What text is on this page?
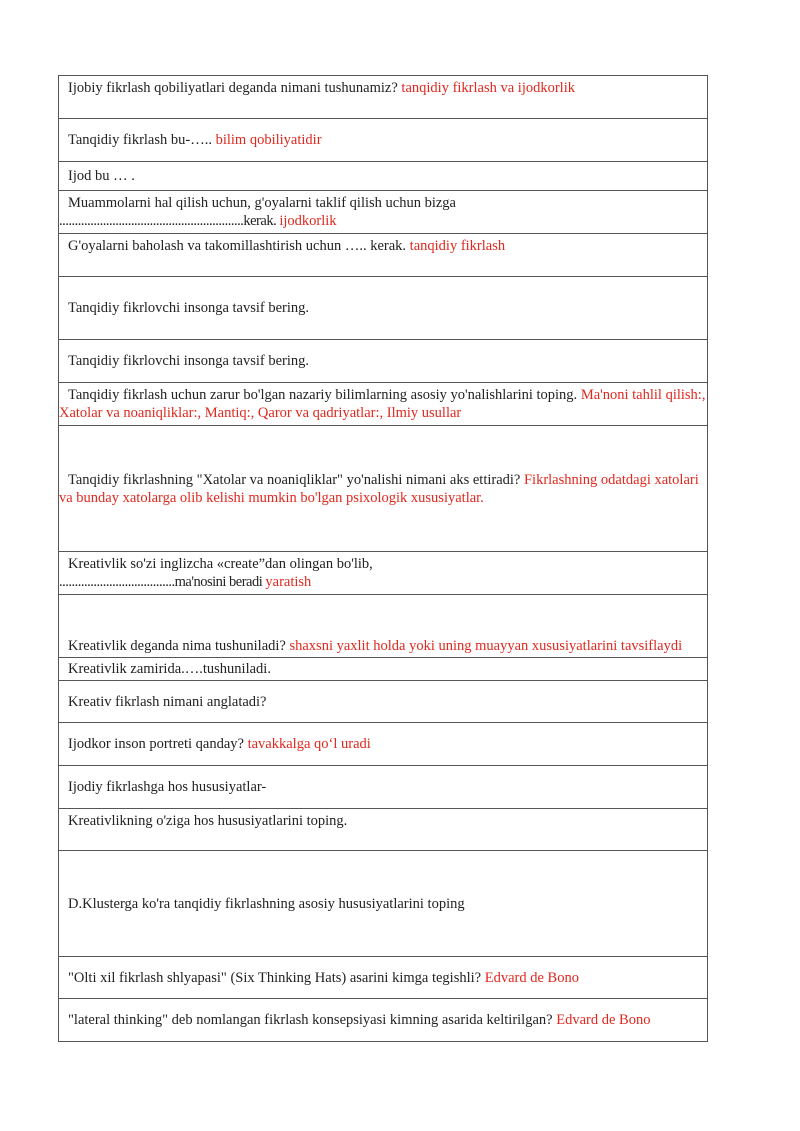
Ijobiy fikrlash qobiliyatlari deganda nimani tushunamiz? tanqidiy fikrlash va ijodkorlik

Tanqidiy fikrlash bu-….. bilim qobiliyatidir

Ijod bu … .

Muammolarni hal qilish uchun, g'oyalarni taklif qilish uchun bizga
...........................................................kerak. ijodkorlik

G'oyalarni baholash va takomillashtirish uchun ….. kerak. tanqidiy fikrlash

Tanqidiy fikrlovchi insonga tavsif bering.

Tanqidiy fikrlovchi insonga tavsif bering.

Tanqidiy fikrlash uchun zarur bo'lgan nazariy bilimlarning asosiy yo'nalishlarini toping. Ma'noni tahlil qilish:, Xatolar va noaniqliklar:, Mantiq:, Qaror va qadriyatlar:, Ilmiy usullar

Tanqidiy fikrlashning "Xatolar va noaniqliklar" yo'nalishi nimani aks ettiradi? Fikrlashning odatdagi xatolari va bunday xatolarga olib kelishi mumkin bo'lgan psixologik xususiyatlar.

Kreativlik so'zi inglizcha «create”dan olingan bo'lib,
.....................................ma'nosini beradi yaratish

Kreativlik deganda nima tushuniladi? shaxsni yaxlit holda yoki uning muayyan xususiyatlarini tavsiflaydi

Kreativlik zamirida.….tushuniladi.

Kreativ fikrlash nimani anglatadi?

Ijodkor inson portreti qanday? tavakkalga qo‘l uradi

Ijodiy fikrlashga hos hususiyatlar-

Kreativlikning o'ziga hos hususiyatlarini toping.

D.Klusterga ko'ra tanqidiy fikrlashning asosiy hususiyatlarini toping

"Olti xil fikrlash shlyapasi" (Six Thinking Hats) asarini kimga tegishli? Edvard de Bono

"lateral thinking" deb nomlangan fikrlash konsepsiyasi kimning asarida keltirilgan? Edvard de Bono
